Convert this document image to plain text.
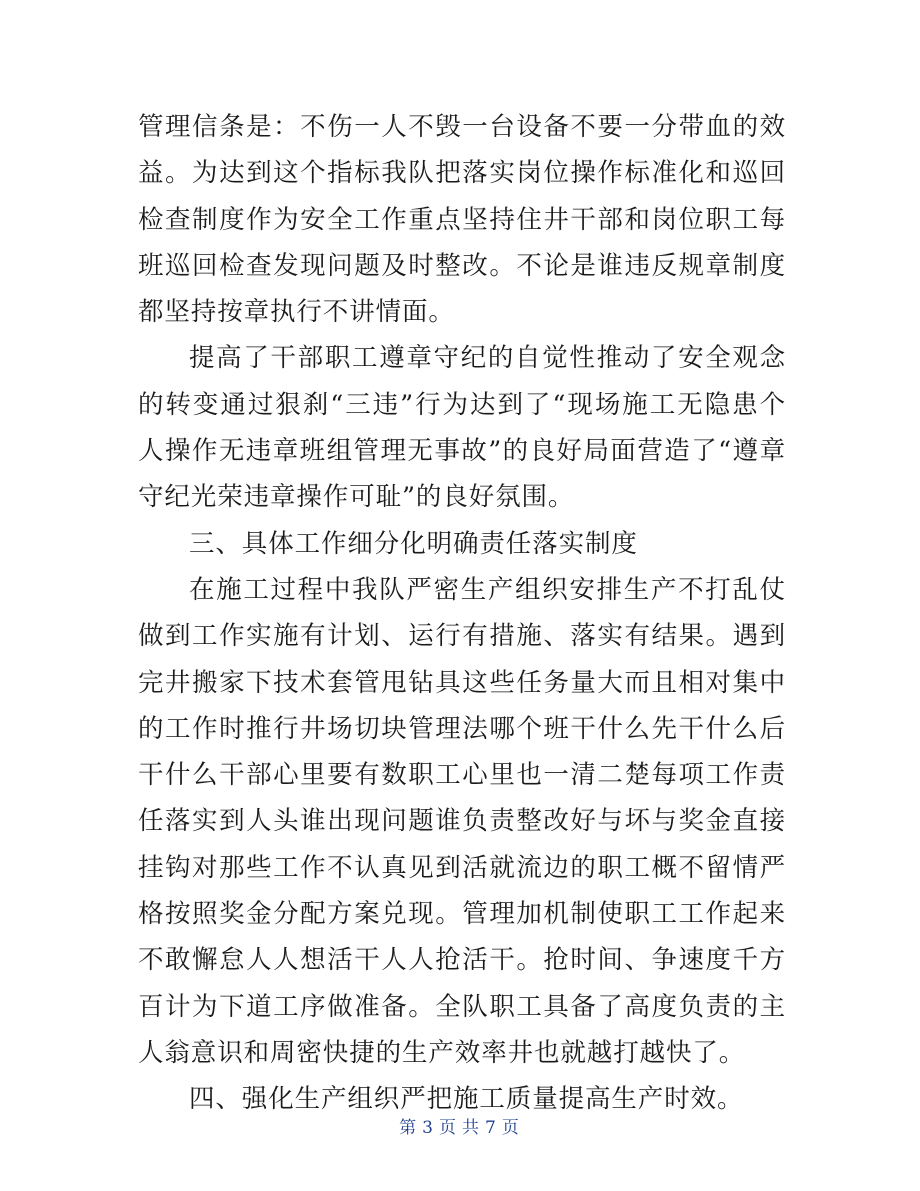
管理信条是：不伤一人不毁一台设备不要一分带血的效益。为达到这个指标我队把落实岗位操作标准化和巡回检查制度作为安全工作重点坚持住井干部和岗位职工每班巡回检查发现问题及时整改。不论是谁违反规章制度都坚持按章执行不讲情面。

提高了干部职工遵章守纪的自觉性推动了安全观念的转变通过狠刹“三违”行为达到了“现场施工无隐患个人操作无违章班组管理无事故”的良好局面营造了“遵章守纪光荣违章操作可耻”的良好氛围。

三、具体工作细分化明确责任落实制度

在施工过程中我队严密生产组织安排生产不打乱仗做到工作实施有计划、运行有措施、落实有结果。遇到完井搬家下技术套管甩钻具这些任务量大而且相对集中的工作时推行井场切块管理法哪个班干什么先干什么后干什么干部心里要有数职工心里也一清二楚每项工作责任落实到人头谁出现问题谁负责整改好与坏与奖金直接挂钩对那些工作不认真见到活就流边的职工概不留情严格按照奖金分配方案兑现。管理加机制使职工工作起来不敢懈怠人人想活干人人抢活干。抢时间、争速度千方百计为下道工序做准备。全队职工具备了高度负责的主人翁意识和周密快捷的生产效率井也就越打越快了。

四、强化生产组织严把施工质量提高生产时效。

第 3 页 共 7 页
